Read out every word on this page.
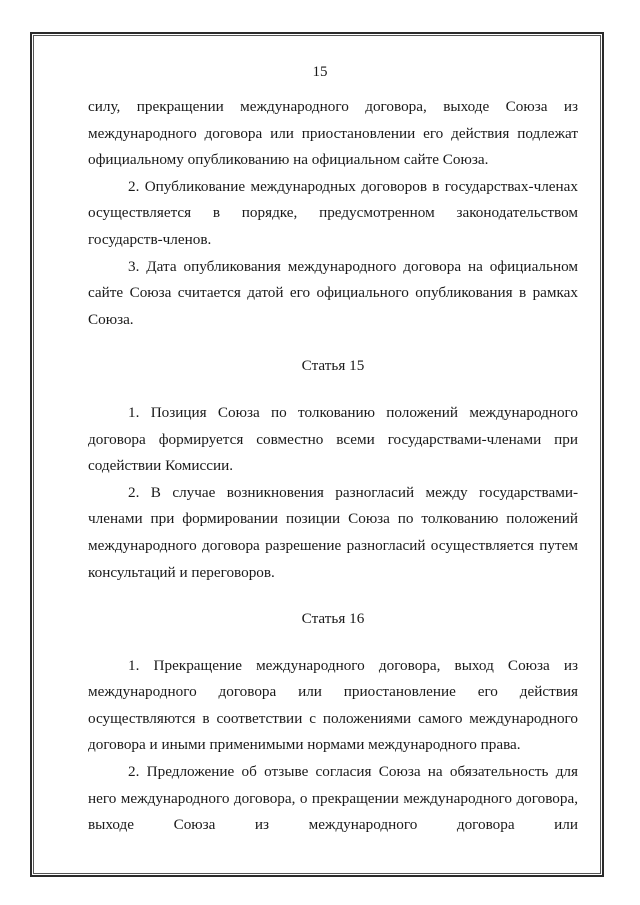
15

силу, прекращении международного договора, выходе Союза из международного договора или приостановлении его действия подлежат официальному опубликованию на официальном сайте Союза.

2. Опубликование международных договоров в государствах-членах осуществляется в порядке, предусмотренном законодательством государств-членов.

3. Дата опубликования международного договора на официальном сайте Союза считается датой его официального опубликования в рамках Союза.

Статья 15

1. Позиция Союза по толкованию положений международного договора формируется совместно всеми государствами-членами при содействии Комиссии.

2. В случае возникновения разногласий между государствами-членами при формировании позиции Союза по толкованию положений международного договора разрешение разногласий осуществляется путем консультаций и переговоров.

Статья 16

1. Прекращение международного договора, выход Союза из международного договора или приостановление его действия осуществляются в соответствии с положениями самого международного договора и иными применимыми нормами международного права.

2. Предложение об отзыве согласия Союза на обязательность для него международного договора, о прекращении международного договора, выходе Союза из международного договора или
